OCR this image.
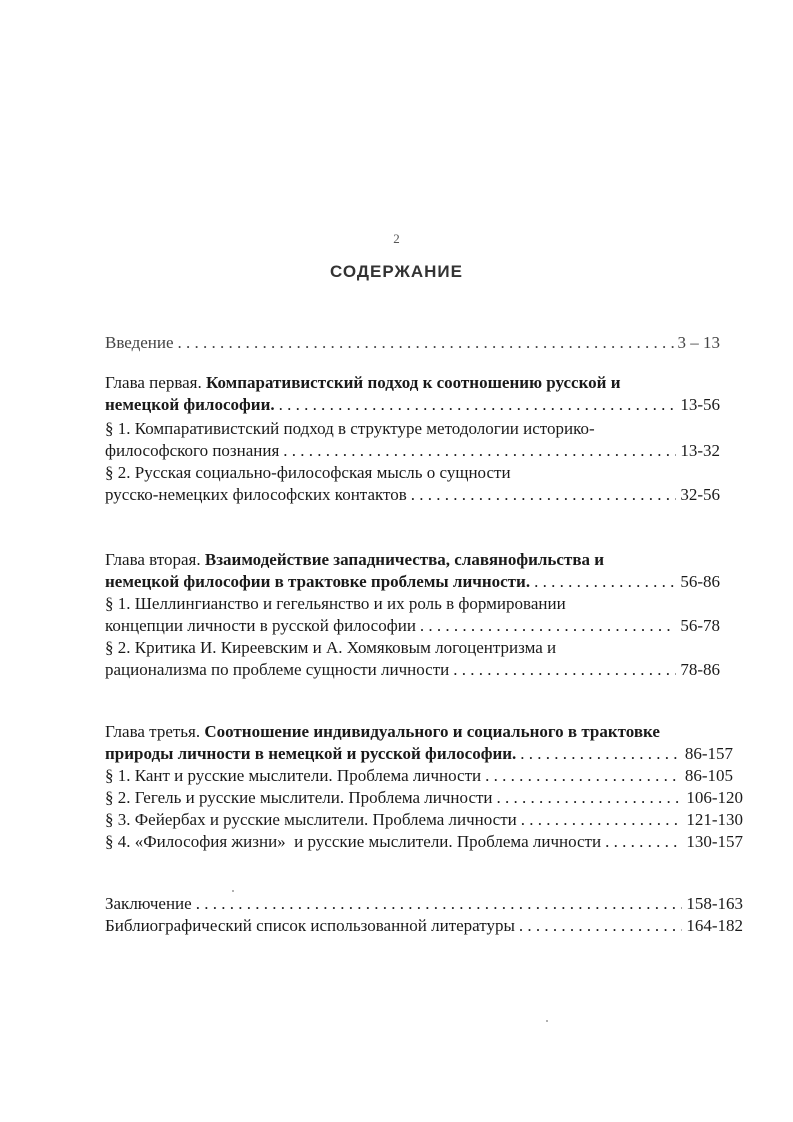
2
СОДЕРЖАНИЕ
Введение . . .	3 – 13
Глава первая.
Компаративистский подход к соотношению русской и
немецкой философии. . . .	13-56
§ 1. Компаративистский подход в структуре методологии историко-
философского познания . . .	13-32
§ 2. Русская социально-философская мысль о сущности
русско-немецких философских контактов . . .	32-56
Глава вторая.
Взаимодействие западничества, славянофильства и
немецкой философии в трактовке проблемы личности. . . .	56-86
§ 1. Шеллингианство и гегельянство и их роль в формировании
концепции личности в русской философии . . .	56-78
§ 2. Критика И. Киреевским и А. Хомяковым логоцентризма и
рационализма по проблеме сущности личности . . .	78-86
Глава третья.
Соотношение индивидуального и социального в трактовке
природы личности в немецкой и русской философии. . . .	86-157
§ 1. Кант и русские мыслители. Проблема личности . . .	86-105
§ 2. Гегель и русские мыслители. Проблема личности . . .	106-120
§ 3. Фейербах и русские мыслители. Проблема личности . . .	121-130
§ 4. «Философия жизни»  и русские мыслители. Проблема личности . . .	130-157
Заключение . . .	158-163
Библиографический список использованной литературы . . .	164-182
